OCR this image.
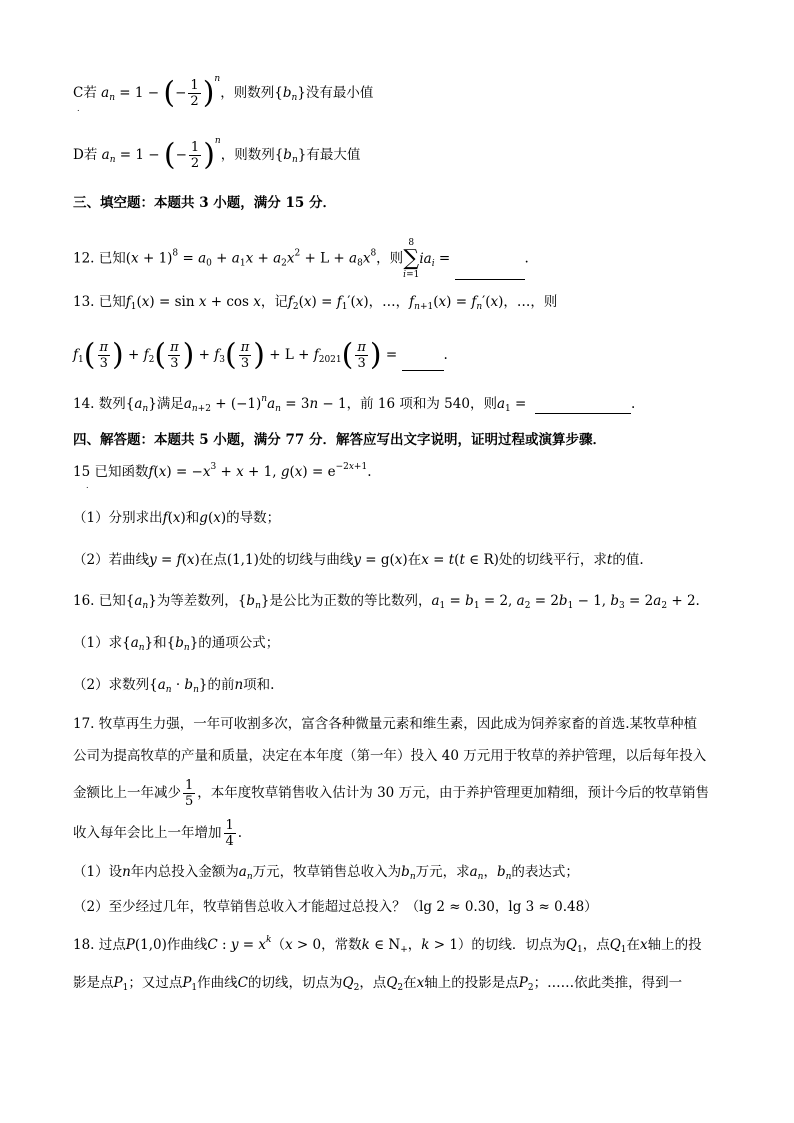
C若 $a_n = 1$ − (− $\frac{1}{2} )^n$，则数列$\{b_n\}$没有最小值
.
D若 $a_n = 1$ − (− $\frac{1}{2} )^n$，则数列$\{b_n\}$有最大值
三、填空题：本题共 3 小题，满分 15 分．
12. 已知$(x + 1)^8 = a_0 + a_1x + a_2x^2 + L + a_8x^8$，则
8
∑
i=1
$ia_i$ =	.
13. 已知$f_1(x) = \sin x + \cos x$，记$f_2(x) = f_1'(x)$，…，$f_{n+1}(x) = f_n'(x)$，…，则
$f_1( \frac{\pi}{3}$ ) + $f_2( \frac{\pi}{3}$ ) + $f_3( \frac{\pi}{3}$ ) + $L + f_{2021}( \frac{\pi}{3}$ ) =	.
14. 数列$\{a_n\}$满足$a_{n+2} + (-1)^na_n = 3n - 1$，前 16 项和为 540，则$a_1$ =	.
四、解答题：本题共 5 小题，满分 77 分．解答应写出文字说明，证明过程或演算步骤．
15 已知函数$f(x) = -x^3 + x + 1$, $g(x) = e^{-2x+1}$.
.
（1）分别求出f(x)和g(x)的导数；
（2）若曲线y = f(x)在点(1,1)处的切线与曲线y = g(x)在x = t(t ∈ R)处的切线平行，求t的值.
16. 已知$\{a_n\}$为等差数列，$\{b_n\}$是公比为正数的等比数列，$a_1 = b_1 = 2$, $a_2 = 2b_1 - 1$, $b_3 = 2a_2 + 2$.
（1）求$\{a_n\}$和$\{b_n\}$的通项公式；
（2）求数列$\{a_n \cdot b_n\}$的前n项和.
17. 牧草再生力强，一年可收割多次，富含各种微量元素和维生素，因此成为饲养家畜的首选.某牧草种植
公司为提高牧草的产量和质量，决定在本年度（第一年）投入 40 万元用于牧草的养护管理，以后每年投入
金额比上一年减少 $\frac{1}{5}$ ，本年度牧草销售收入估计为 30 万元，由于养护管理更加精细，预计今后的牧草销售
收入每年会比上一年增加 $\frac{1}{4}$ .
（1）设n年内总投入金额为$a_n$万元，牧草销售总收入为$b_n$万元，求$a_n$，$b_n$的表达式；
（2）至少经过几年，牧草销售总收入才能超过总投入？（lg 2 ≈ 0.30，lg 3 ≈ 0.48）
18. 过点P(1,0)作曲线C : $y = x^k(x > 0$，常数k ∈ $N_+$，k > 1）的切线．切点为$Q_1$，点$Q_1$在x轴上的投
影是点$P_1$；又过点$P_1$作曲线C的切线，切点为$Q_2$，点$Q_2$在x轴上的投影是点$P_2$；……依此类推，得到一
